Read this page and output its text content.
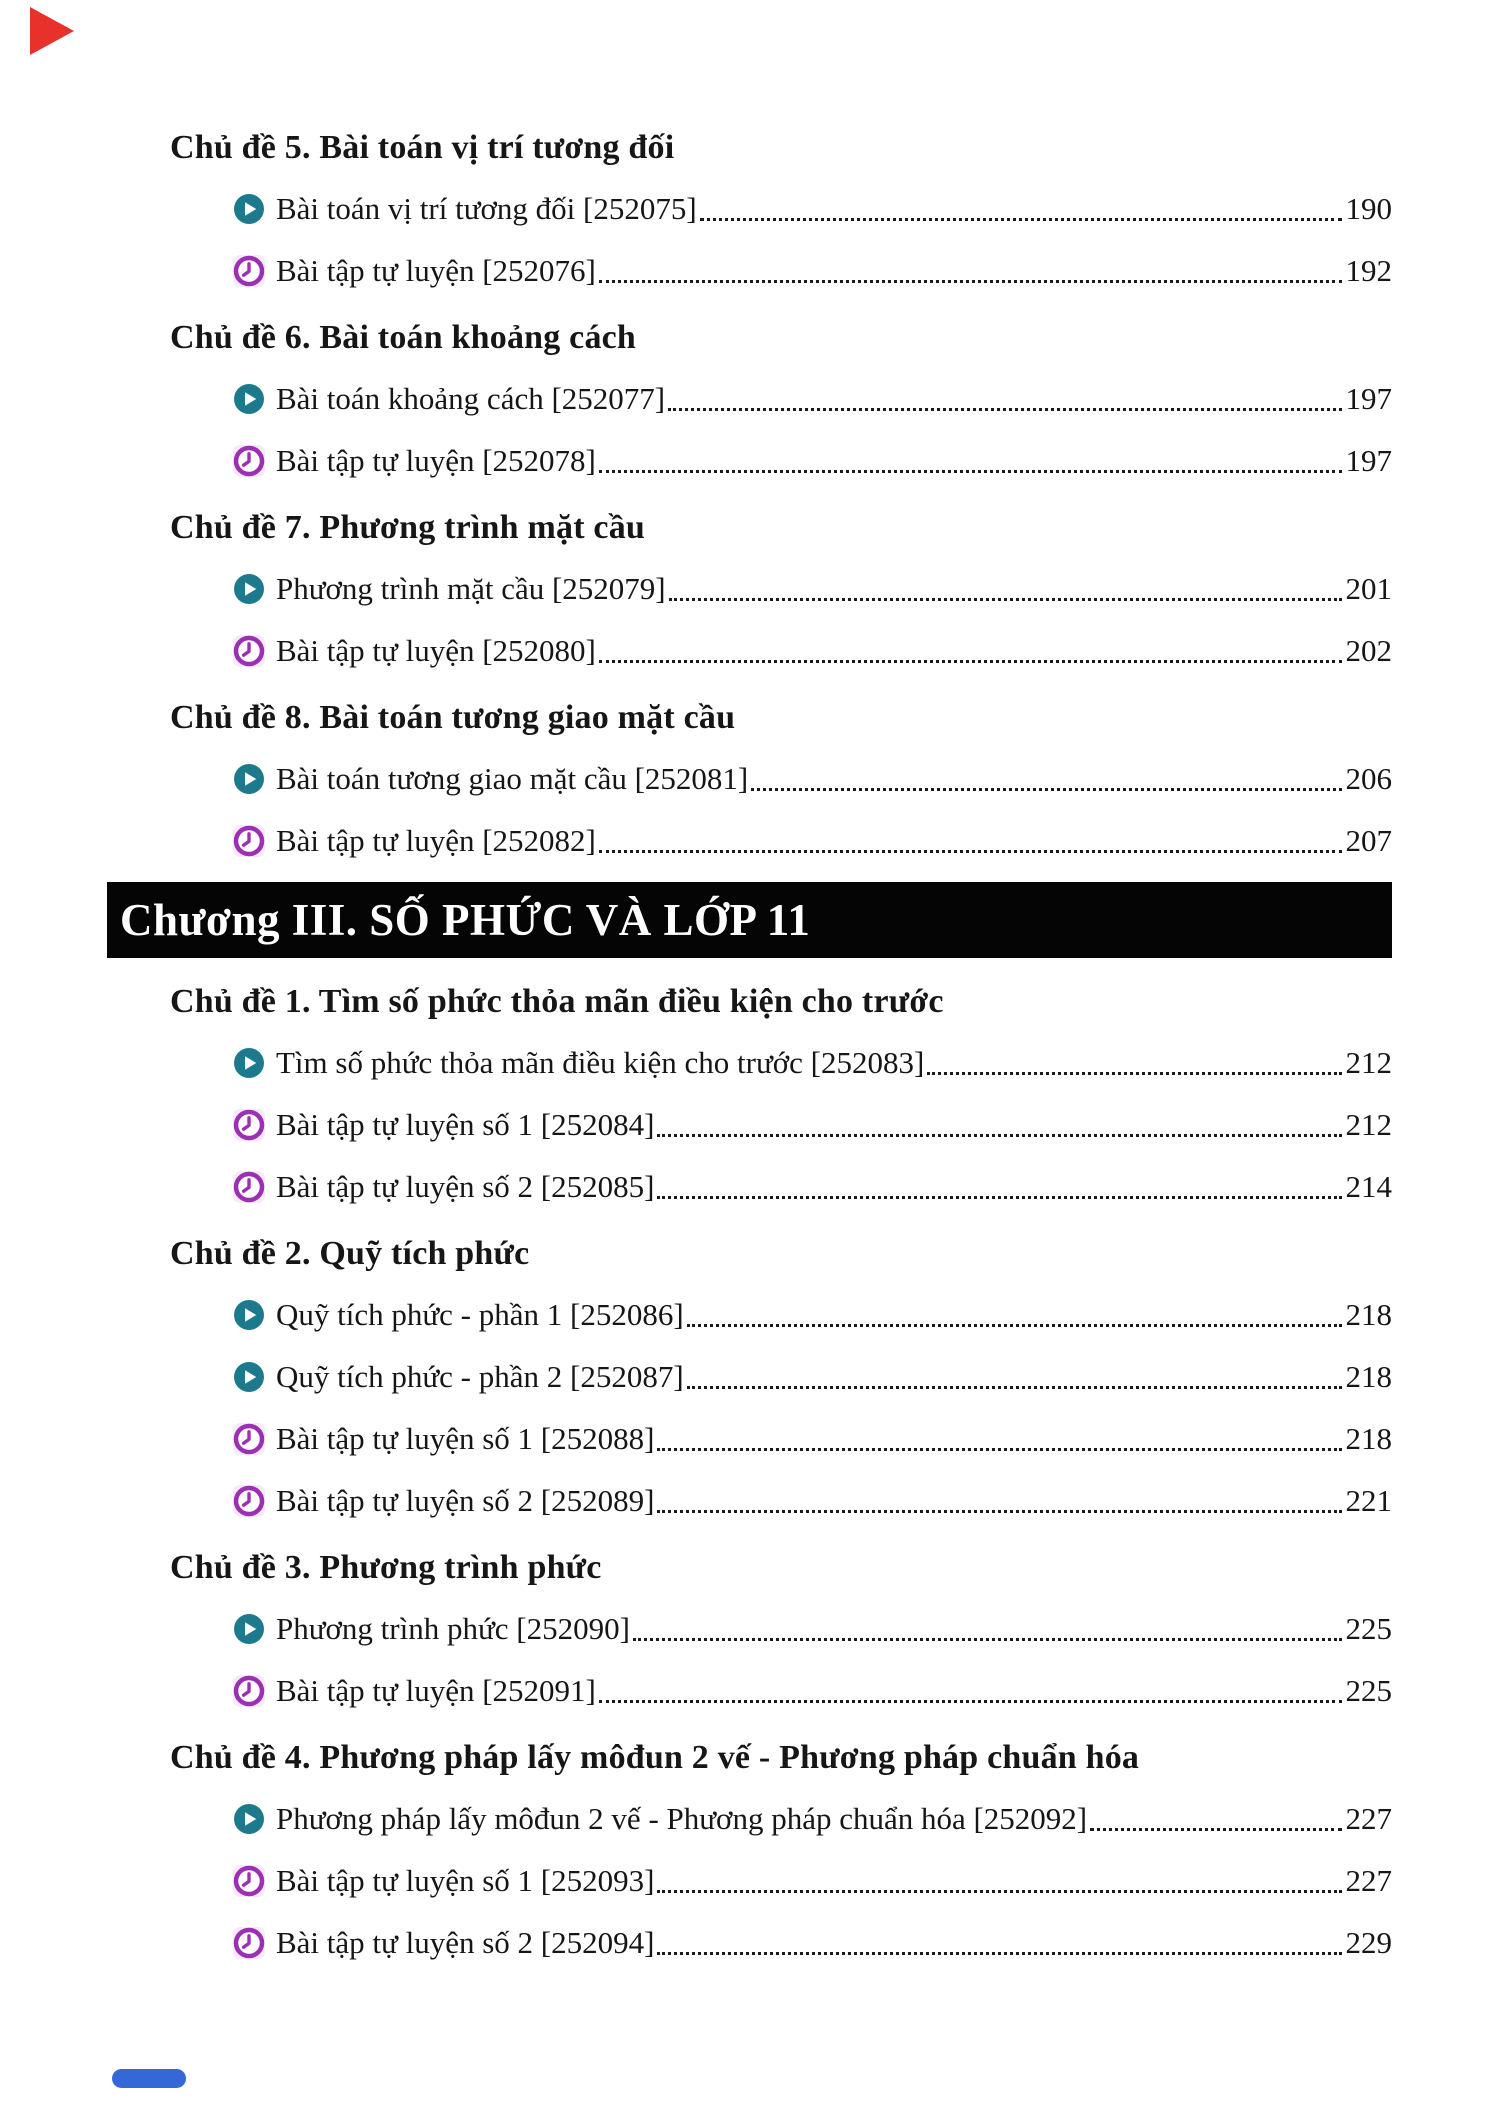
Chủ đề 5. Bài toán vị trí tương đối
Bài toán vị trí tương đối [252075]	190
Bài tập tự luyện [252076]	192
Chủ đề 6. Bài toán khoảng cách
Bài toán khoảng cách [252077]	197
Bài tập tự luyện [252078]	197
Chủ đề 7. Phương trình mặt cầu
Phương trình mặt cầu [252079]	201
Bài tập tự luyện [252080]	202
Chủ đề 8. Bài toán tương giao mặt cầu
Bài toán tương giao mặt cầu [252081]	206
Bài tập tự luyện [252082]	207
Chương III. SỐ PHỨC VÀ LỚP 11
Chủ đề 1. Tìm số phức thỏa mãn điều kiện cho trước
Tìm số phức thỏa mãn điều kiện cho trước [252083]	212
Bài tập tự luyện số 1 [252084]	212
Bài tập tự luyện số 2 [252085]	214
Chủ đề 2. Quỹ tích phức
Quỹ tích phức - phần 1 [252086]	218
Quỹ tích phức - phần 2 [252087]	218
Bài tập tự luyện số 1 [252088]	218
Bài tập tự luyện số 2 [252089]	221
Chủ đề 3. Phương trình phức
Phương trình phức [252090]	225
Bài tập tự luyện [252091]	225
Chủ đề 4. Phương pháp lấy môđun 2 vế - Phương pháp chuẩn hóa
Phương pháp lấy môđun 2 vế - Phương pháp chuẩn hóa [252092]	227
Bài tập tự luyện số 1 [252093]	227
Bài tập tự luyện số 2 [252094]	229
